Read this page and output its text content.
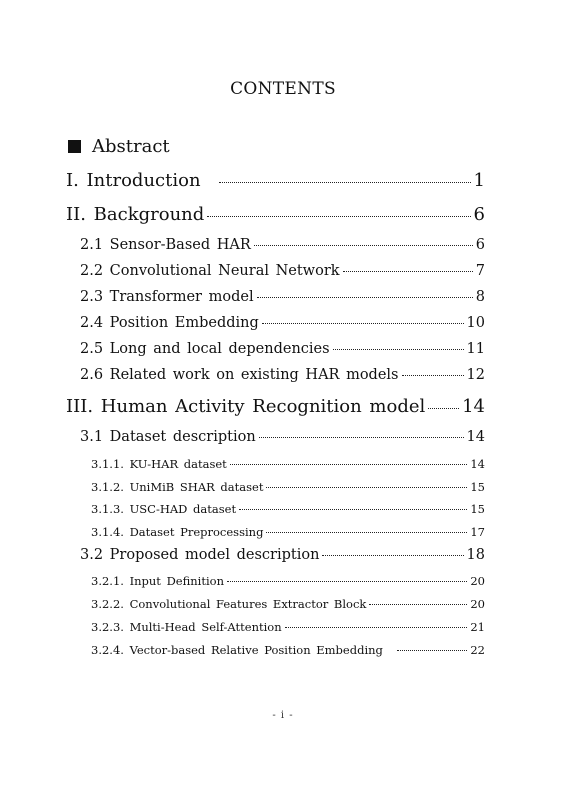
CONTENTS
Abstract
I. Introduction	1
II. Background	6
2.1 Sensor-Based HAR	6
2.2 Convolutional Neural Network	7
2.3 Transformer model	8
2.4 Position Embedding	10
2.5 Long and local dependencies	11
2.6 Related work on existing HAR models	12
III. Human Activity Recognition model 14
3.1 Dataset description	14
3.1.1. KU-HAR dataset	14
3.1.2. UniMiB SHAR dataset	15
3.1.3. USC-HAD dataset	15
3.1.4. Dataset Preprocessing	17
3.2 Proposed model description	18
3.2.1. Input Definition	20
3.2.2. Convolutional Features Extractor Block	20
3.2.3. Multi-Head Self-Attention	21
3.2.4. Vector-based Relative Position Embedding	22
- i -
